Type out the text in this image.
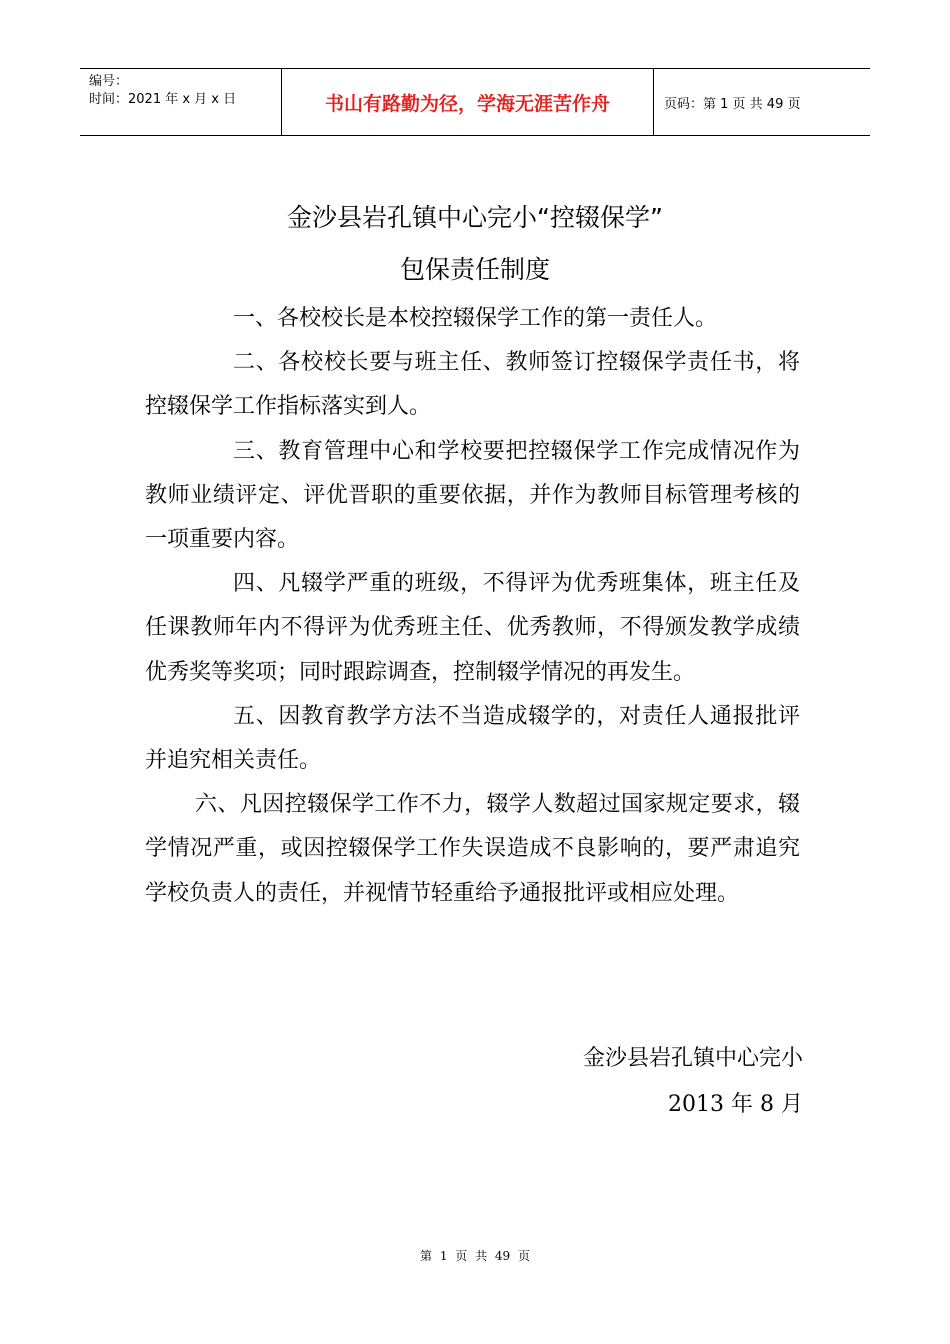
编号：
时间：2021 年 x 月 x 日	书山有路勤为径，学海无涯苦作舟	页码：第 1 页 共 49 页
金沙县岩孔镇中心完小“控辍保学”
包保责任制度

一、各校校长是本校控辍保学工作的第一责任人。

二、各校校长要与班主任、教师签订控辍保学责任书，将控辍保学工作指标落实到人。

三、教育管理中心和学校要把控辍保学工作完成情况作为教师业绩评定、评优晋职的重要依据，并作为教师目标管理考核的一项重要内容。

四、凡辍学严重的班级，不得评为优秀班集体，班主任及任课教师年内不得评为优秀班主任、优秀教师，不得颁发教学成绩优秀奖等奖项；同时跟踪调查，控制辍学情况的再发生。

五、因教育教学方法不当造成辍学的，对责任人通报批评并追究相关责任。

六、凡因控辍保学工作不力，辍学人数超过国家规定要求，辍学情况严重，或因控辍保学工作失误造成不良影响的，要严肃追究学校负责人的责任，并视情节轻重给予通报批评或相应处理。

金沙县岩孔镇中心完小
2013 年 8 月
第 1 页 共 49 页
